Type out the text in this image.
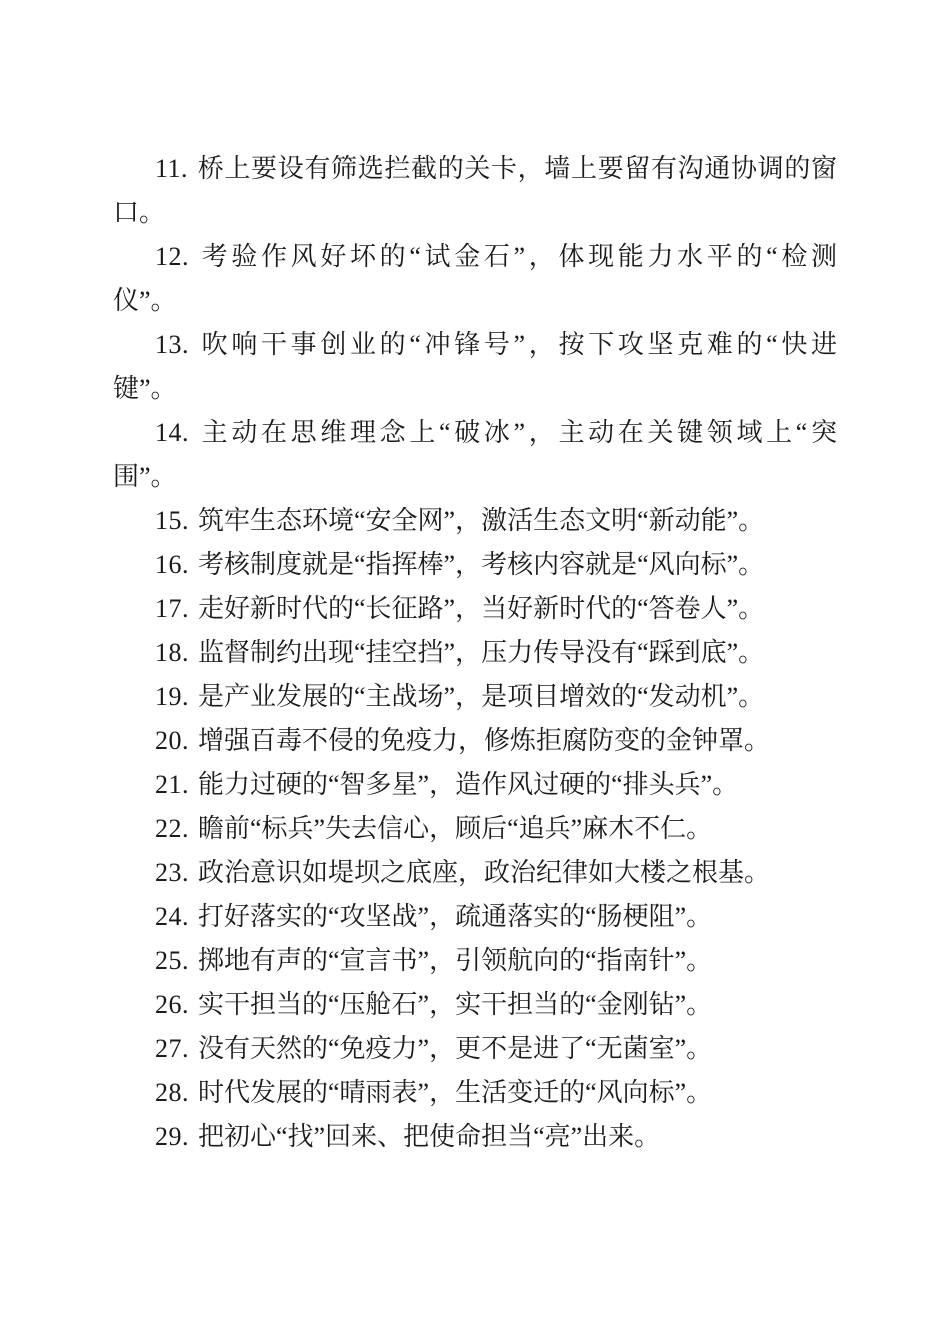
11. 桥上要设有筛选拦截的关卡，墙上要留有沟通协调的窗
口。

12. 考验作风好坏的“试金石”，体现能力水平的“检测
仪”。

13. 吹响干事创业的“冲锋号”，按下攻坚克难的“快进
键”。

14. 主动在思维理念上“破冰”，主动在关键领域上“突
围”。

15. 筑牢生态环境“安全网”，激活生态文明“新动能”。

16. 考核制度就是“指挥棒”，考核内容就是“风向标”。

17. 走好新时代的“长征路”，当好新时代的“答卷人”。

18. 监督制约出现“挂空挡”，压力传导没有“踩到底”。

19. 是产业发展的“主战场”，是项目增效的“发动机”。

20. 增强百毒不侵的免疫力，修炼拒腐防变的金钟罩。

21. 能力过硬的“智多星”，造作风过硬的“排头兵”。

22. 瞻前“标兵”失去信心，顾后“追兵”麻木不仁。

23. 政治意识如堤坝之底座，政治纪律如大楼之根基。

24. 打好落实的“攻坚战”，疏通落实的“肠梗阻”。

25. 掷地有声的“宣言书”，引领航向的“指南针”。

26. 实干担当的“压舱石”，实干担当的“金刚钻”。

27. 没有天然的“免疫力”，更不是进了“无菌室”。

28. 时代发展的“晴雨表”，生活变迁的“风向标”。

29. 把初心“找”回来、把使命担当“亮”出来。
